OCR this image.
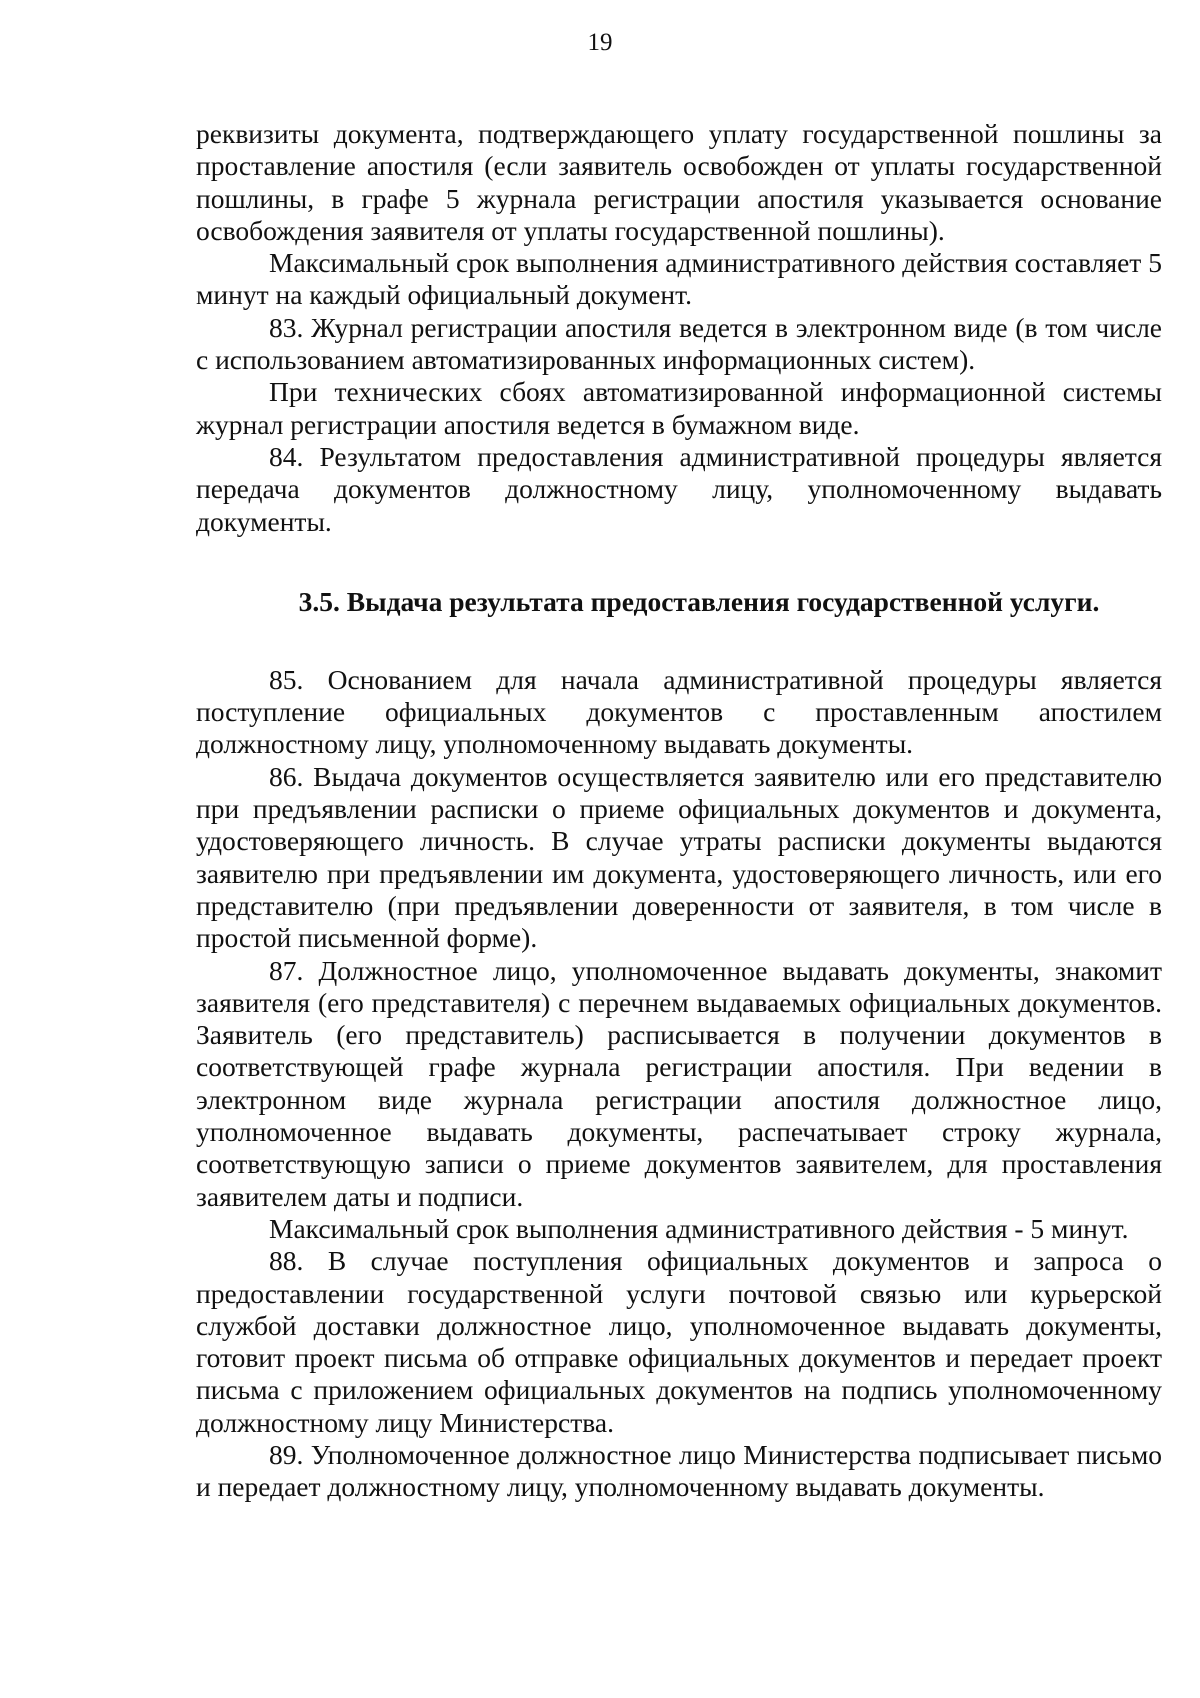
19

реквизиты документа, подтверждающего уплату государственной пошлины за проставление апостиля (если заявитель освобожден от уплаты государственной пошлины, в графе 5 журнала регистрации апостиля указывается основание освобождения заявителя от уплаты государственной пошлины).

Максимальный срок выполнения административного действия составляет 5 минут на каждый официальный документ.

83. Журнал регистрации апостиля ведется в электронном виде (в том числе с использованием автоматизированных информационных систем).

При технических сбоях автоматизированной информационной системы журнал регистрации апостиля ведется в бумажном виде.

84. Результатом предоставления административной процедуры является передача документов должностному лицу, уполномоченному выдавать документы.

3.5. Выдача результата предоставления государственной услуги.

85. Основанием для начала административной процедуры является поступление официальных документов с проставленным апостилем должностному лицу, уполномоченному выдавать документы.

86. Выдача документов осуществляется заявителю или его представителю при предъявлении расписки о приеме официальных документов и документа, удостоверяющего личность. В случае утраты расписки документы выдаются заявителю при предъявлении им документа, удостоверяющего личность, или его представителю (при предъявлении доверенности от заявителя, в том числе в простой письменной форме).

87. Должностное лицо, уполномоченное выдавать документы, знакомит заявителя (его представителя) с перечнем выдаваемых официальных документов. Заявитель (его представитель) расписывается в получении документов в соответствующей графе журнала регистрации апостиля. При ведении в электронном виде журнала регистрации апостиля должностное лицо, уполномоченное выдавать документы, распечатывает строку журнала, соответствующую записи о приеме документов заявителем, для проставления заявителем даты и подписи.

Максимальный срок выполнения административного действия - 5 минут.

88. В случае поступления официальных документов и запроса о предоставлении государственной услуги почтовой связью или курьерской службой доставки должностное лицо, уполномоченное выдавать документы, готовит проект письма об отправке официальных документов и передает проект письма с приложением официальных документов на подпись уполномоченному должностному лицу Министерства.

89. Уполномоченное должностное лицо Министерства подписывает письмо и передает должностному лицу, уполномоченному выдавать документы.
